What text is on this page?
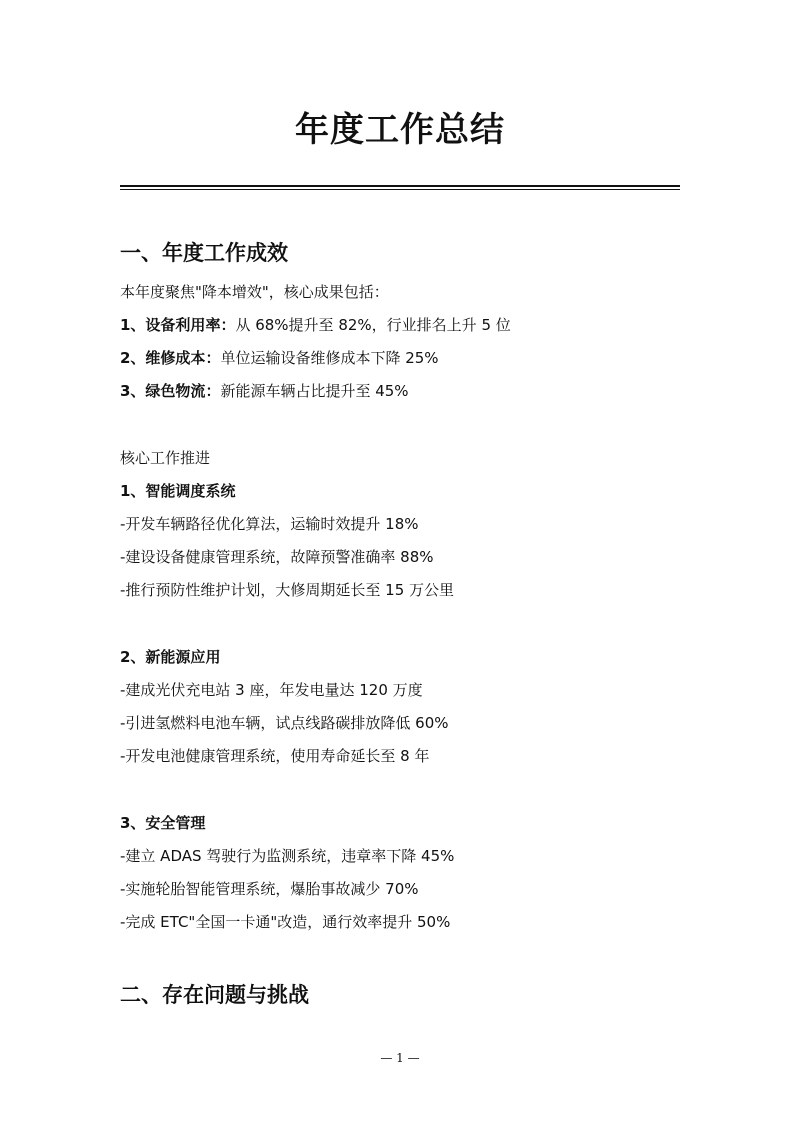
年度工作总结
一、年度工作成效
本年度聚焦"降本增效"，核心成果包括：
1、设备利用率：从 68%提升至 82%，行业排名上升 5 位
2、维修成本：单位运输设备维修成本下降 25%
3、绿色物流：新能源车辆占比提升至 45%
核心工作推进
1、智能调度系统
-开发车辆路径优化算法，运输时效提升 18%
-建设设备健康管理系统，故障预警准确率 88%
-推行预防性维护计划，大修周期延长至 15 万公里
2、新能源应用
-建成光伏充电站 3 座，年发电量达 120 万度
-引进氢燃料电池车辆，试点线路碳排放降低 60%
-开发电池健康管理系统，使用寿命延长至 8 年
3、安全管理
-建立 ADAS 驾驶行为监测系统，违章率下降 45%
-实施轮胎智能管理系统，爆胎事故减少 70%
-完成 ETC"全国一卡通"改造，通行效率提升 50%
二、存在问题与挑战
— 1 —
